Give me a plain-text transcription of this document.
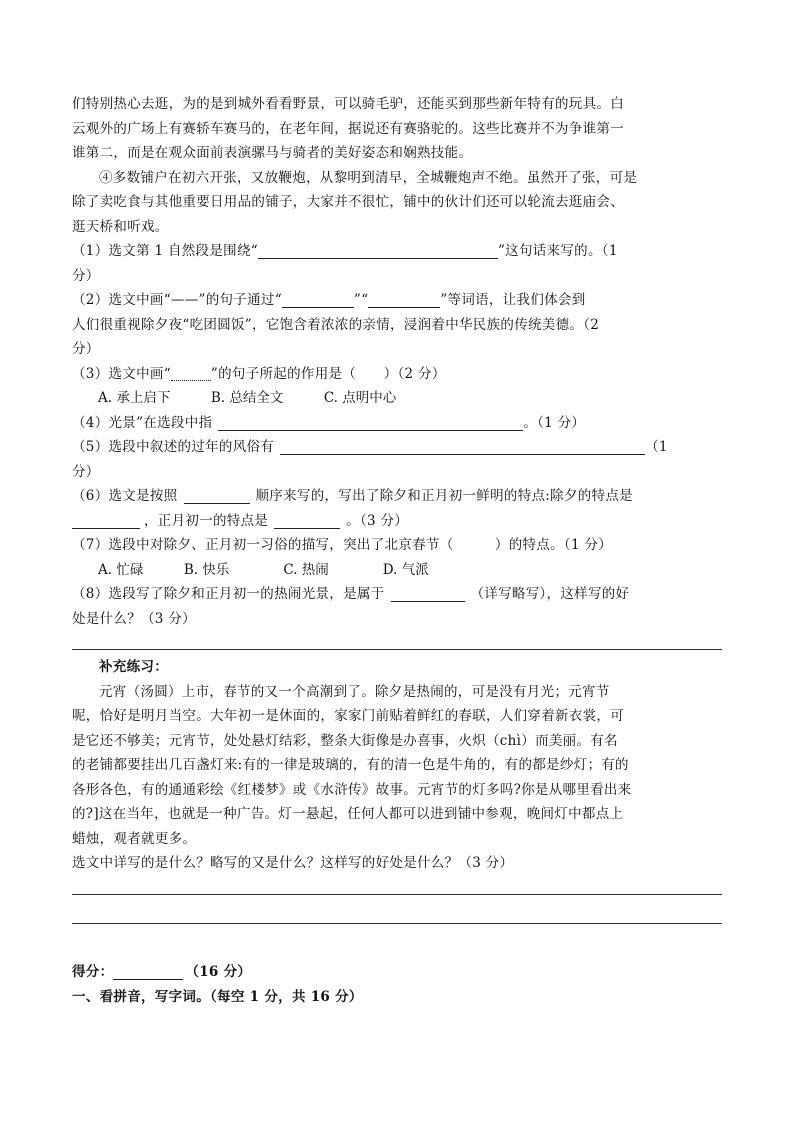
们特别热心去逛，为的是到城外看看野景，可以骑毛驴，还能买到那些新年特有的玩具。白

云观外的广场上有赛轿车赛马的，在老年间，据说还有赛骆驼的。这些比赛并不为争谁第一

谁第二，而是在观众面前表演骡马与骑者的美好姿态和娴熟技能。

④多数铺户在初六开张，又放鞭炮，从黎明到清早，全城鞭炮声不绝。虽然开了张，可是

除了卖吃食与其他重要日用品的铺子，大家并不很忙，铺中的伙计们还可以轮流去逛庙会、

逛天桥和听戏。

（1）选文第 1 自然段是围绕“	”这句话来写的。（1

分）

（2）选文中画“——”的句子通过“	”“	”等词语，让我们体会到

人们很重视除夕夜“吃团圆饭”，它饱含着浓浓的亲情，浸润着中华民族的传统美德。（2

分）

（3）选文中画“	”的句子所起的作用是（　　）（2 分）

A. 承上启下　　　B. 总结全文　　　C. 点明中心

（4）光景”在选段中指	。（1 分）

（5）选段中叙述的过年的风俗有	（1

分）

（6）选文是按照	顺序来写的，写出了除夕和正月初一鲜明的特点:除夕的特点是

，正月初一的特点是	。（3 分）

（7）选段中对除夕、正月初一习俗的描写，突出了北京春节（　　　）的特点。（1 分）

A. 忙碌　　　B. 快乐　　　　C. 热闹　　　　D. 气派

（8）选段写了除夕和正月初一的热闹光景，是属于	（详写略写），这样写的好

处是什么？（3 分）

补充练习：

元宵（汤圆）上市，春节的又一个高潮到了。除夕是热闹的，可是没有月光；元宵节

呢，恰好是明月当空。大年初一是休面的，家家门前贴着鲜红的春联，人们穿着新衣裳，可

是它还不够美；元宵节，处处悬灯结彩，整条大街像是办喜事，火炽（chì）而美丽。有名

的老铺都要挂出几百盏灯来:有的一律是玻璃的，有的清一色是牛角的，有的都是纱灯；有的

各形各色，有的通通彩绘《红楼梦》或《水浒传》故事。元宵节的灯多吗?你是从哪里看出来

的?]这在当年，也就是一种广告。灯一悬起，任何人都可以进到铺中参观，晚间灯中都点上

蜡烛，观者就更多。

选文中详写的是什么？略写的又是什么？这样写的好处是什么？（3 分）

得分：	（16 分）

一、看拼音，写字词。（每空 1 分，共 16 分）
